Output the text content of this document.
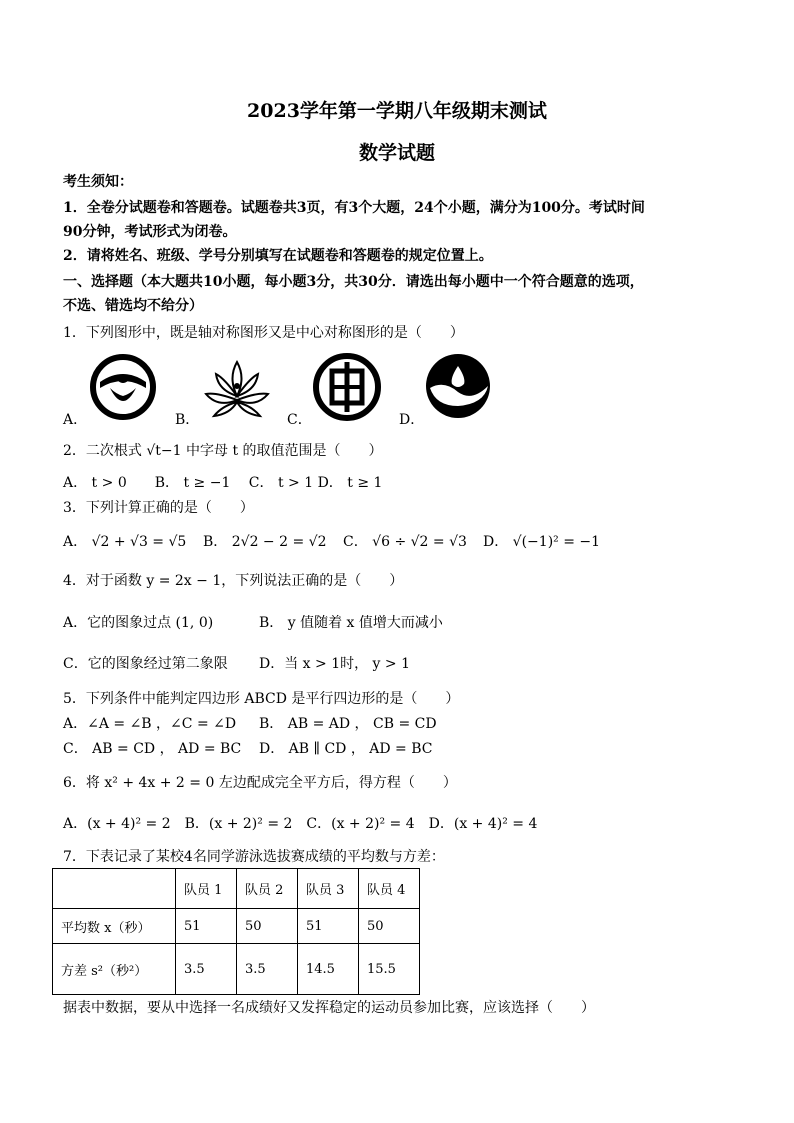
2023学年第一学期八年级期末测试
数学试题
考生须知：
1．全卷分试题卷和答题卷。试题卷共3页，有3个大题，24个小题，满分为100分。考试时间
90分钟，考试形式为闭卷。
2．请将姓名、班级、学号分别填写在试题卷和答题卷的规定位置上。
一、选择题（本大题共10小题，每小题3分，共30分．请选出每小题中一个符合题意的选项，
不选、错选均不给分）
1．下列图形中，既是轴对称图形又是中心对称图形的是（　　）
A．	B．	C．	D．
2．二次根式 √t−1 中字母 t 的取值范围是（　　）
A． t > 0　　B． t ≥ −1　 C． t > 1 D． t ≥ 1
3．下列计算正确的是（　　）
A． √2 + √3 = √5 B． 2√2 − 2 = √2 C． √6 ÷ √2 = √3 D． √(−1)² = −1
4．对于函数 y = 2x − 1，下列说法正确的是（　　）
A．它的图象过点 (1, 0)	B． y 值随着 x 值增大而减小
C．它的图象经过第二象限 D．当 x > 1时， y > 1
5．下列条件中能判定四边形 ABCD 是平行四边形的是（　　）
A．∠A = ∠B ，∠C = ∠D B． AB = AD ， CB = CD
C． AB = CD ， AD = BC D． AB ∥ CD ， AD = BC
6．将 x² + 4x + 2 = 0 左边配成完全平方后，得方程（　　）
A．(x + 4)² = 2　B．(x + 2)² = 2　C．(x + 2)² = 4　D．(x + 4)² = 4
7．下表记录了某校4名同学游泳选拔赛成绩的平均数与方差：
	队员 1	队员 2	队员 3	队员 4
平均数 x（秒）	51	50	51	50
方差 s²（秒²）	3.5	3.5	14.5	15.5
据表中数据，要从中选择一名成绩好又发挥稳定的运动员参加比赛，应该选择（　　）
